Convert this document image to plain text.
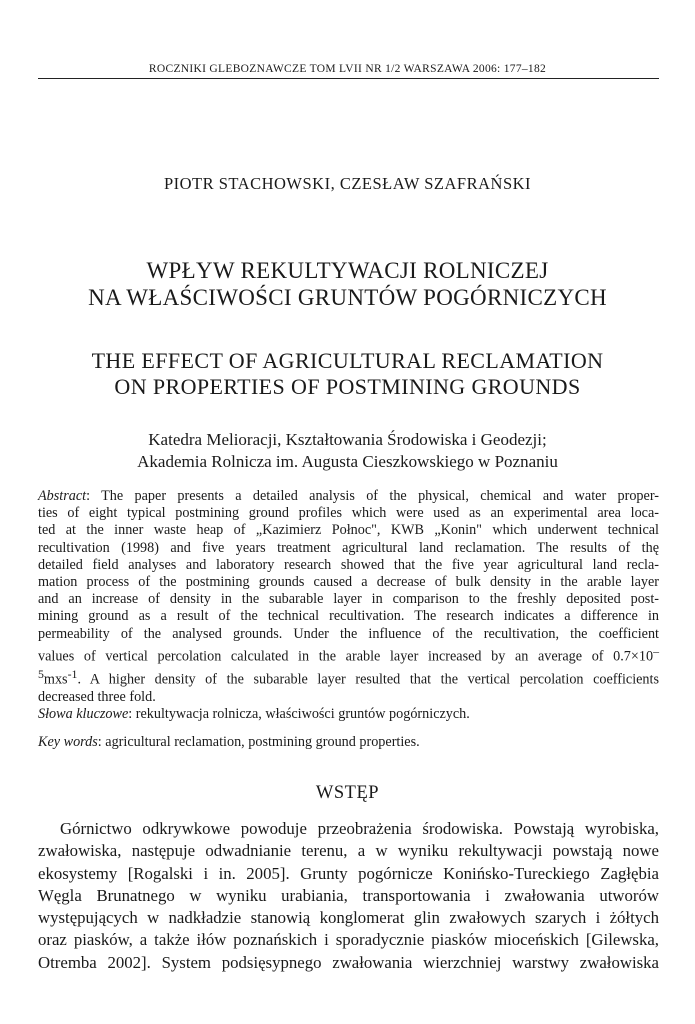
ROCZNIKI GLEBOZNAWCZE TOM LVII NR 1/2 WARSZAWA 2006: 177–182
PIOTR STACHOWSKI, CZESŁAW SZAFRAŃSKI
WPŁYW REKULTYWACJI ROLNICZEJ
NA WŁAŚCIWOŚCI GRUNTÓW POGÓRNICZYCH
THE EFFECT OF AGRICULTURAL RECLAMATION
ON PROPERTIES OF POSTMINING GROUNDS
Katedra Melioracji, Kształtowania Środowiska i Geodezji;
Akademia Rolnicza im. Augusta Cieszkowskiego w Poznaniu
Abstract: The paper presents a detailed analysis of the physical, chemical and water proper-
ties of eight typical postmining ground profiles which were used as an experimental area loca-
ted at the inner waste heap of „Kazimierz Połnoc", KWB „Konin" which underwent technical
recultivation (1998) and five years treatment agricultural land reclamation. The results of thę
detailed field analyses and laboratory research showed that the five year agricultural land recla-
mation process of the postmining grounds caused a decrease of bulk density in the arable layer
and an increase of density in the subarable layer in comparison to the freshly deposited post-
mining ground as a result of the technical recultivation. The research indicates a difference in
permeability of the analysed grounds. Under the influence of the recultivation, the coefficient
values of vertical percolation calculated in the arable layer increased by an average of 0.7×10–
$^5$mxs$^{-1}$. A higher density of the subarable layer resulted that the vertical percolation coefficients
decreased three fold.

Słowa kluczowe: rekultywacja rolnicza, właściwości gruntów pogórniczych.

Key words: agricultural reclamation, postmining ground properties.

WSTĘP
Górnictwo odkrywkowe powoduje przeobrażenia środowiska. Powstają wyrobiska,
zwałowiska, następuje odwadnianie terenu, a w wyniku rekultywacji powstają nowe
ekosystemy [Rogalski i in. 2005]. Grunty pogórnicze Konińsko-Tureckiego Zagłębia
Węgla Brunatnego w wyniku urabiania, transportowania i zwałowania utworów
występujących w nadkładzie stanowią konglomerat glin zwałowych szarych i żółtych
oraz piasków, a także iłów poznańskich i sporadycznie piasków mioceńskich [Gilewska,
Otremba 2002]. System podsięsypnego zwałowania wierzchniej warstwy zwałowiska
